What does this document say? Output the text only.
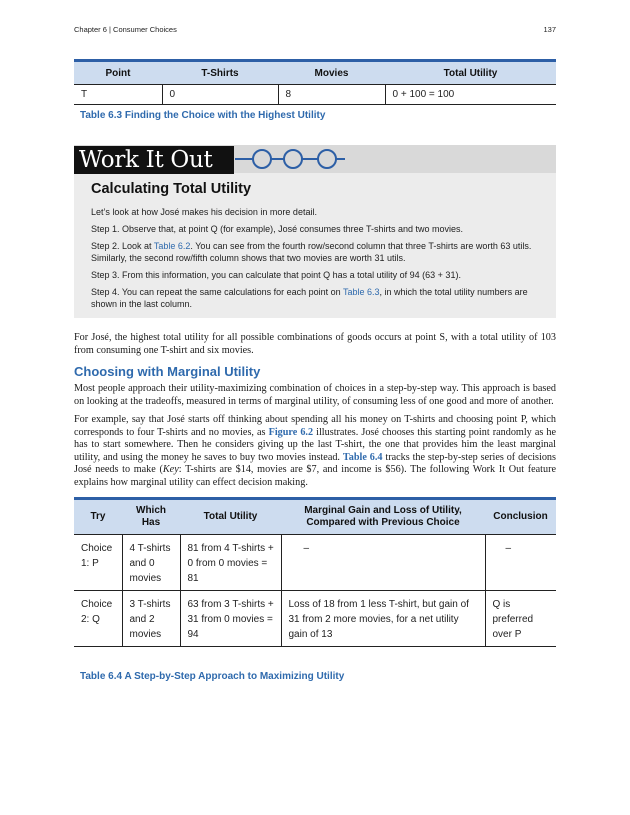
Chapter 6 | Consumer Choices	137
Point	T-Shirts	Movies	Total Utility
T	0	8	0 + 100 = 100
Table 6.3 Finding the Choice with the Highest Utility
Work It Out
Calculating Total Utility

Let’s look at how José makes his decision in more detail.

Step 1. Observe that, at point Q (for example), José consumes three T-shirts and two movies.

Step 2. Look at Table 6.2. You can see from the fourth row/second column that three T-shirts are worth 63 utils. Similarly, the second row/fifth column shows that two movies are worth 31 utils.

Step 3. From this information, you can calculate that point Q has a total utility of 94 (63 + 31).

Step 4. You can repeat the same calculations for each point on Table 6.3, in which the total utility numbers are shown in the last column.

For José, the highest total utility for all possible combinations of goods occurs at point S, with a total utility of 103 from consuming one T-shirt and six movies.

Choosing with Marginal Utility

Most people approach their utility-maximizing combination of choices in a step-by-step way. This approach is based on looking at the tradeoffs, measured in terms of marginal utility, of consuming less of one good and more of another.

For example, say that José starts off thinking about spending all his money on T-shirts and choosing point P, which corresponds to four T-shirts and no movies, as Figure 6.2 illustrates. José chooses this starting point randomly as he has to start somewhere. Then he considers giving up the last T-shirt, the one that provides him the least marginal utility, and using the money he saves to buy two movies instead. Table 6.4 tracks the step-by-step series of decisions José needs to make (Key: T-shirts are $14, movies are $7, and income is $56). The following Work It Out feature explains how marginal utility can effect decision making.

Try	Which Has	Total Utility	Marginal Gain and Loss of Utility, Compared with Previous Choice	Conclusion
Choice 1: P	4 T-shirts and 0 movies	81 from 4 T-shirts + 0 from 0 movies = 81	–	–
Choice 2: Q	3 T-shirts and 2 movies	63 from 3 T-shirts + 31 from 0 movies = 94	Loss of 18 from 1 less T-shirt, but gain of 31 from 2 more movies, for a net utility gain of 13	Q is preferred over P
Table 6.4 A Step-by-Step Approach to Maximizing Utility
